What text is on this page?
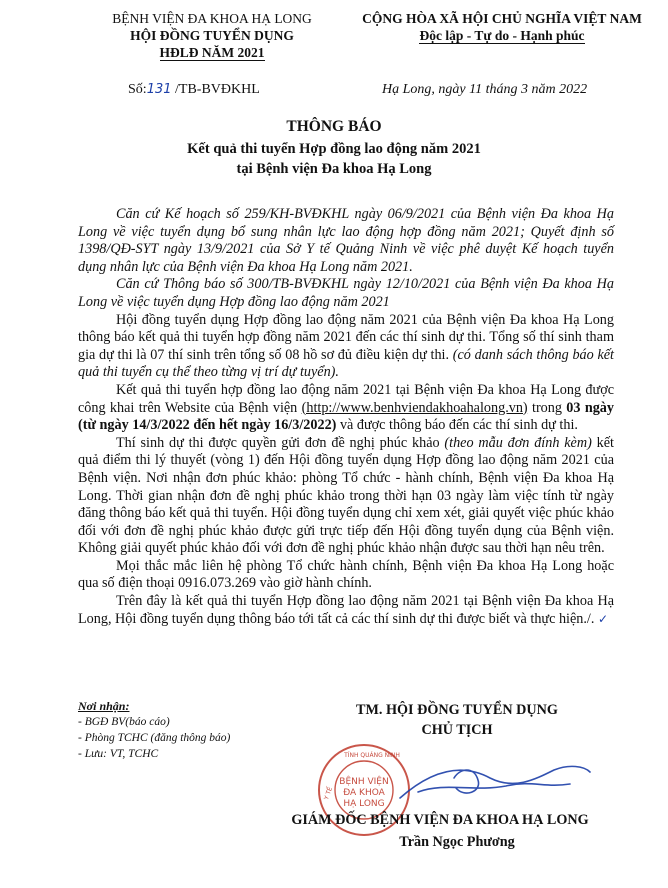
BỆNH VIỆN ĐA KHOA HẠ LONG
HỘI ĐỒNG TUYỂN DỤNG
HĐLĐ NĂM 2021
CỘNG HÒA XÃ HỘI CHỦ NGHĨA VIỆT NAM
Độc lập - Tự do - Hạnh phúc
Số:131 /TB-BVĐKHL	Hạ Long, ngày 11 tháng 3 năm 2022
THÔNG BÁO
Kết quả thi tuyển Hợp đồng lao động năm 2021
tại Bệnh viện Đa khoa Hạ Long

Căn cứ Kế hoạch số 259/KH-BVĐKHL ngày 06/9/2021 của Bệnh viện Đa khoa Hạ Long về việc tuyển dụng bổ sung nhân lực lao động hợp đồng năm 2021; Quyết định số 1398/QĐ-SYT ngày 13/9/2021 của Sở Y tế Quảng Ninh về việc phê duyệt Kế hoạch tuyển dụng nhân lực của Bệnh viện Đa khoa Hạ Long năm 2021.

Căn cứ Thông báo số 300/TB-BVĐKHL ngày 12/10/2021 của Bệnh viện Đa khoa Hạ Long về việc tuyển dụng Hợp đồng lao động năm 2021

Hội đồng tuyển dụng Hợp đồng lao động năm 2021 của Bệnh viện Đa khoa Hạ Long thông báo kết quả thi tuyển hợp đồng năm 2021 đến các thí sinh dự thi. Tổng số thí sinh tham gia dự thi là 07 thí sinh trên tổng số 08 hồ sơ đủ điều kiện dự thi. (có danh sách thông báo kết quả thi tuyển cụ thể theo từng vị trí dự tuyển).

Kết quả thi tuyển hợp đồng lao động năm 2021 tại Bệnh viện Đa khoa Hạ Long được công khai trên Website của Bệnh viện (http://www.benhviendakhoahalong.vn) trong 03 ngày (từ ngày 14/3/2022 đến hết ngày 16/3/2022) và được thông báo đến các thí sinh dự thi.

Thí sinh dự thi được quyền gửi đơn đề nghị phúc khảo (theo mẫu đơn đính kèm) kết quả điểm thi lý thuyết (vòng 1) đến Hội đồng tuyển dụng Hợp đồng lao động năm 2021 của Bệnh viện. Nơi nhận đơn phúc khảo: phòng Tổ chức - hành chính, Bệnh viện Đa khoa Hạ Long. Thời gian nhận đơn đề nghị phúc khảo trong thời hạn 03 ngày làm việc tính từ ngày đăng thông báo kết quả thi tuyển. Hội đồng tuyển dụng chỉ xem xét, giải quyết việc phúc khảo đối với đơn đề nghị phúc khảo được gửi trực tiếp đến Hội đồng tuyển dụng của Bệnh viện. Không giải quyết phúc khảo đối với đơn đề nghị phúc khảo nhận được sau thời hạn nêu trên.

Mọi thắc mắc liên hệ phòng Tổ chức hành chính, Bệnh viện Đa khoa Hạ Long hoặc qua số điện thoại 0916.073.269 vào giờ hành chính.

Trên đây là kết quả thi tuyển Hợp đồng lao động năm 2021 tại Bệnh viện Đa khoa Hạ Long, Hội đồng tuyển dụng thông báo tới tất cả các thí sinh dự thi được biết và thực hiện./. ✓

Nơi nhận:
- BGĐ BV(báo cáo)
- Phòng TCHC (đăng thông báo)
- Lưu: VT, TCHC
TM. HỘI ĐỒNG TUYỂN DỤNG
CHỦ TỊCH
BỆNH VIỆN
ĐA KHOA
HẠ LONG
TỈNH QUẢNG NINH
Y TẾ
GIÁM ĐỐC BỆNH VIỆN ĐA KHOA HẠ LONG
Trần Ngọc Phương
